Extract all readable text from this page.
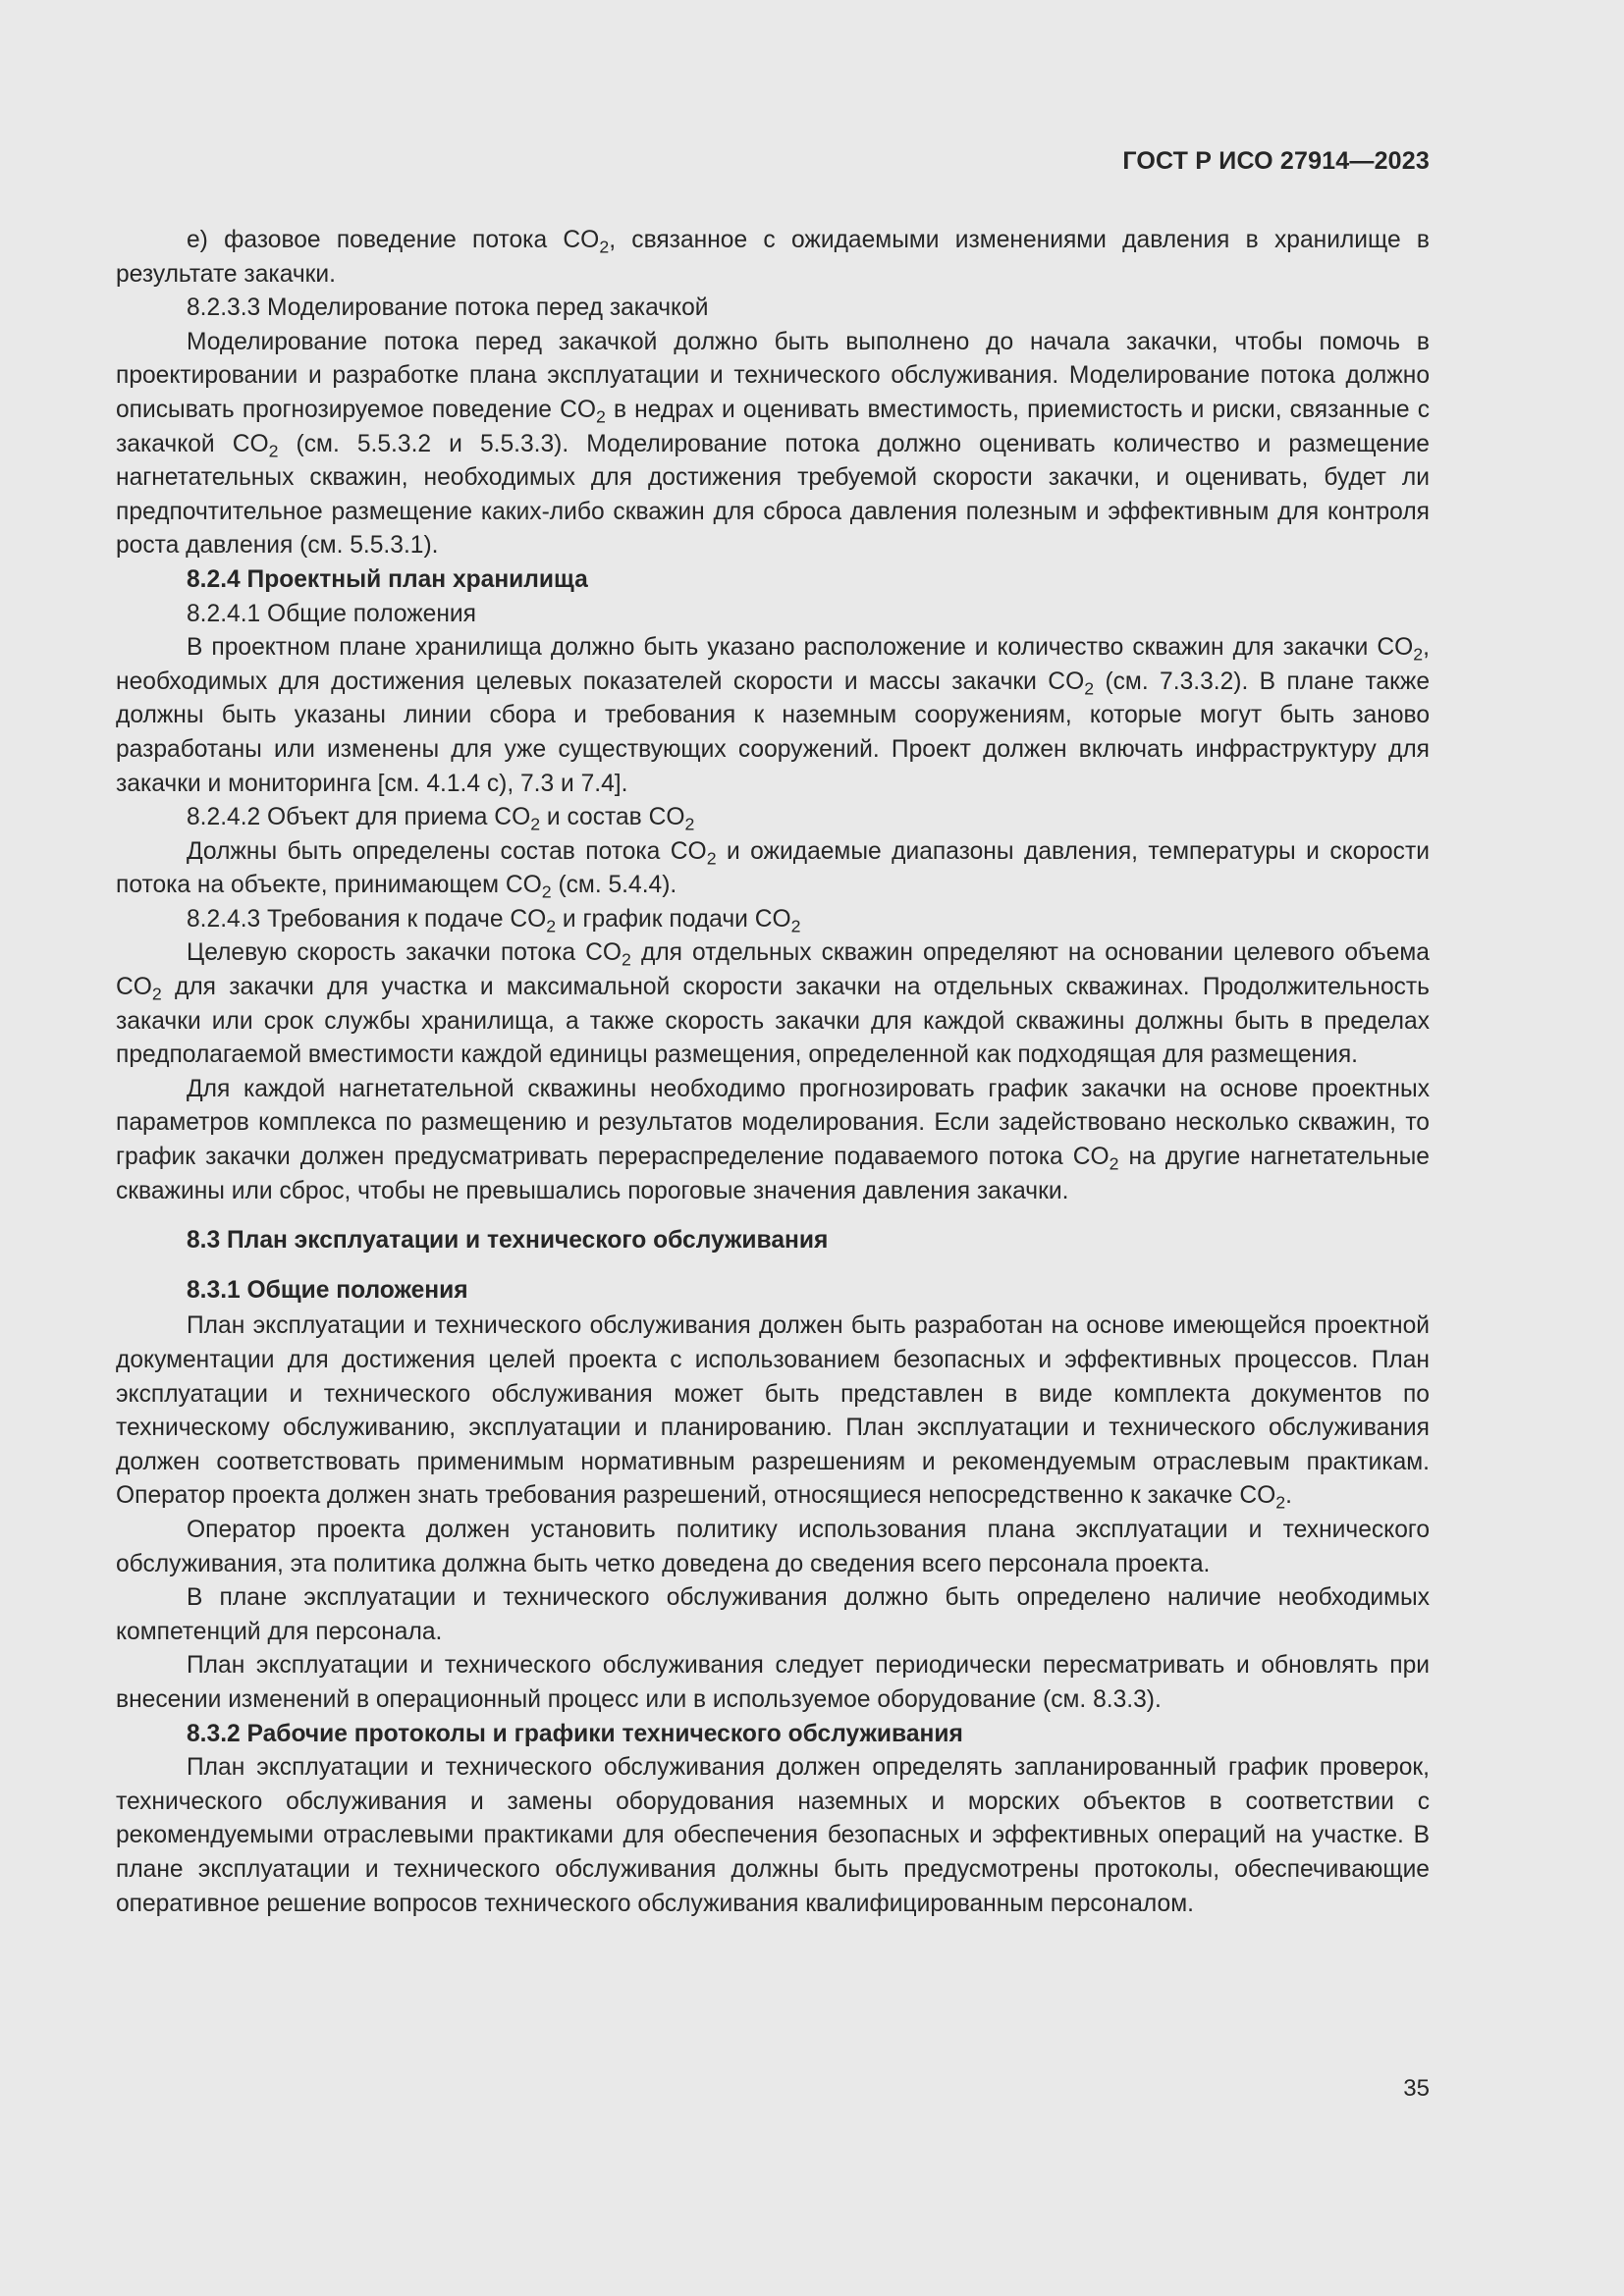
ГОСТ Р ИСО 27914—2023

е) фазовое поведение потока $CO_2$, связанное с ожидаемыми изменениями давления в хранилище в результате закачки.

8.2.3.3 Моделирование потока перед закачкой

Моделирование потока перед закачкой должно быть выполнено до начала закачки, чтобы помочь в проектировании и разработке плана эксплуатации и технического обслуживания. Моделирование потока должно описывать прогнозируемое поведение $CO_2$ в недрах и оценивать вместимость, приемистость и риски, связанные с закачкой $CO_2$ (см. 5.5.3.2 и 5.5.3.3). Моделирование потока должно оценивать количество и размещение нагнетательных скважин, необходимых для достижения требуемой скорости закачки, и оценивать, будет ли предпочтительное размещение каких-либо скважин для сброса давления полезным и эффективным для контроля роста давления (см. 5.5.3.1).

8.2.4 Проектный план хранилища

8.2.4.1 Общие положения

В проектном плане хранилища должно быть указано расположение и количество скважин для закачки $CO_2$, необходимых для достижения целевых показателей скорости и массы закачки $CO_2$ (см. 7.3.3.2). В плане также должны быть указаны линии сбора и требования к наземным сооружениям, которые могут быть заново разработаны или изменены для уже существующих сооружений. Проект должен включать инфраструктуру для закачки и мониторинга [см. 4.1.4 с), 7.3 и 7.4].

8.2.4.2 Объект для приема $CO_2$ и состав $CO_2$

Должны быть определены состав потока $CO_2$ и ожидаемые диапазоны давления, температуры и скорости потока на объекте, принимающем $CO_2$ (см. 5.4.4).

8.2.4.3 Требования к подаче $CO_2$ и график подачи $CO_2$

Целевую скорость закачки потока $CO_2$ для отдельных скважин определяют на основании целевого объема $CO_2$ для закачки для участка и максимальной скорости закачки на отдельных скважинах. Продолжительность закачки или срок службы хранилища, а также скорость закачки для каждой скважины должны быть в пределах предполагаемой вместимости каждой единицы размещения, определенной как подходящая для размещения.

Для каждой нагнетательной скважины необходимо прогнозировать график закачки на основе проектных параметров комплекса по размещению и результатов моделирования. Если задействовано несколько скважин, то график закачки должен предусматривать перераспределение подаваемого потока $CO_2$ на другие нагнетательные скважины или сброс, чтобы не превышались пороговые значения давления закачки.

8.3 План эксплуатации и технического обслуживания

8.3.1 Общие положения

План эксплуатации и технического обслуживания должен быть разработан на основе имеющейся проектной документации для достижения целей проекта с использованием безопасных и эффективных процессов. План эксплуатации и технического обслуживания может быть представлен в виде комплекта документов по техническому обслуживанию, эксплуатации и планированию. План эксплуатации и технического обслуживания должен соответствовать применимым нормативным разрешениям и рекомендуемым отраслевым практикам. Оператор проекта должен знать требования разрешений, относящиеся непосредственно к закачке $CO_2$.

Оператор проекта должен установить политику использования плана эксплуатации и технического обслуживания, эта политика должна быть четко доведена до сведения всего персонала проекта.

В плане эксплуатации и технического обслуживания должно быть определено наличие необходимых компетенций для персонала.

План эксплуатации и технического обслуживания следует периодически пересматривать и обновлять при внесении изменений в операционный процесс или в используемое оборудование (см. 8.3.3).

8.3.2 Рабочие протоколы и графики технического обслуживания

План эксплуатации и технического обслуживания должен определять запланированный график проверок, технического обслуживания и замены оборудования наземных и морских объектов в соответствии с рекомендуемыми отраслевыми практиками для обеспечения безопасных и эффективных операций на участке. В плане эксплуатации и технического обслуживания должны быть предусмотрены протоколы, обеспечивающие оперативное решение вопросов технического обслуживания квалифицированным персоналом.

35
